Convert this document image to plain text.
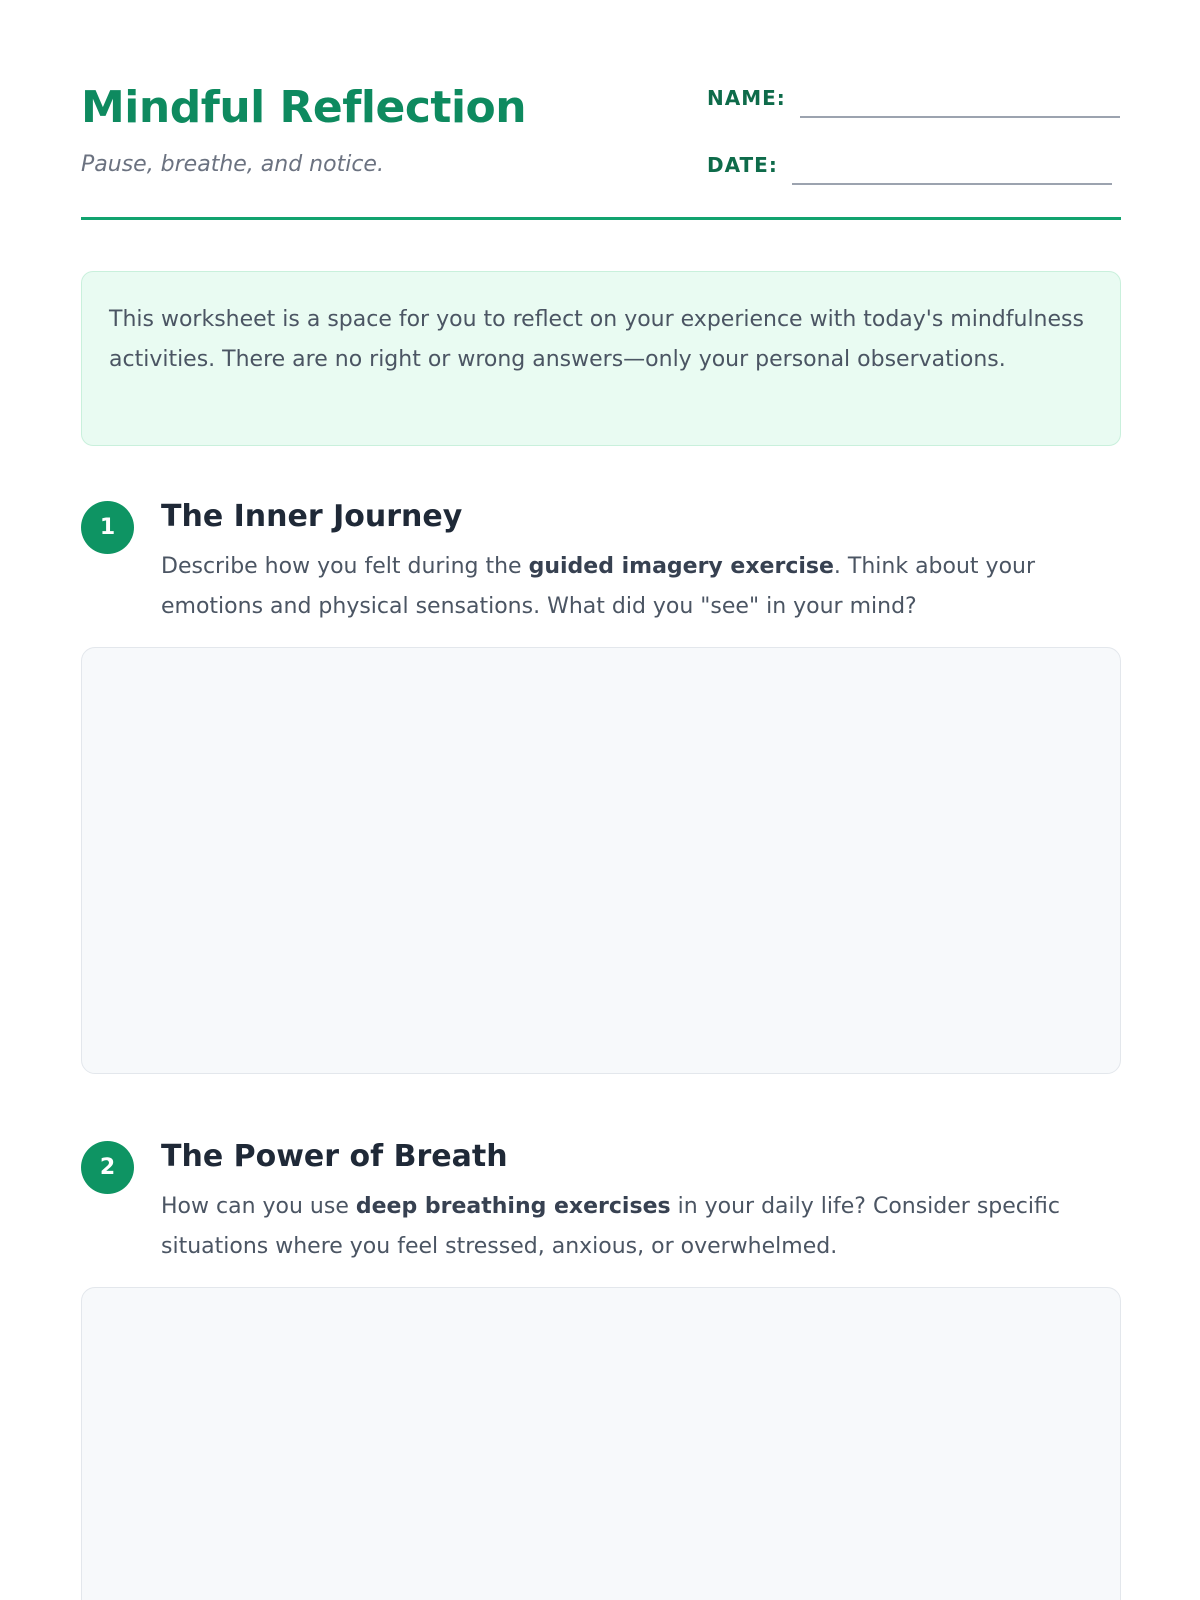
Mindful Reflection
Pause, breathe, and notice.
NAME:
DATE:
This worksheet is a space for you to reflect on your experience with today's mindfulness activities. There are no right or wrong answers—only your personal observations.
1	The Inner Journey
Describe how you felt during the guided imagery exercise. Think about your emotions and physical sensations. What did you "see" in your mind?
2	The Power of Breath
How can you use deep breathing exercises in your daily life? Consider specific situations where you feel stressed, anxious, or overwhelmed.
